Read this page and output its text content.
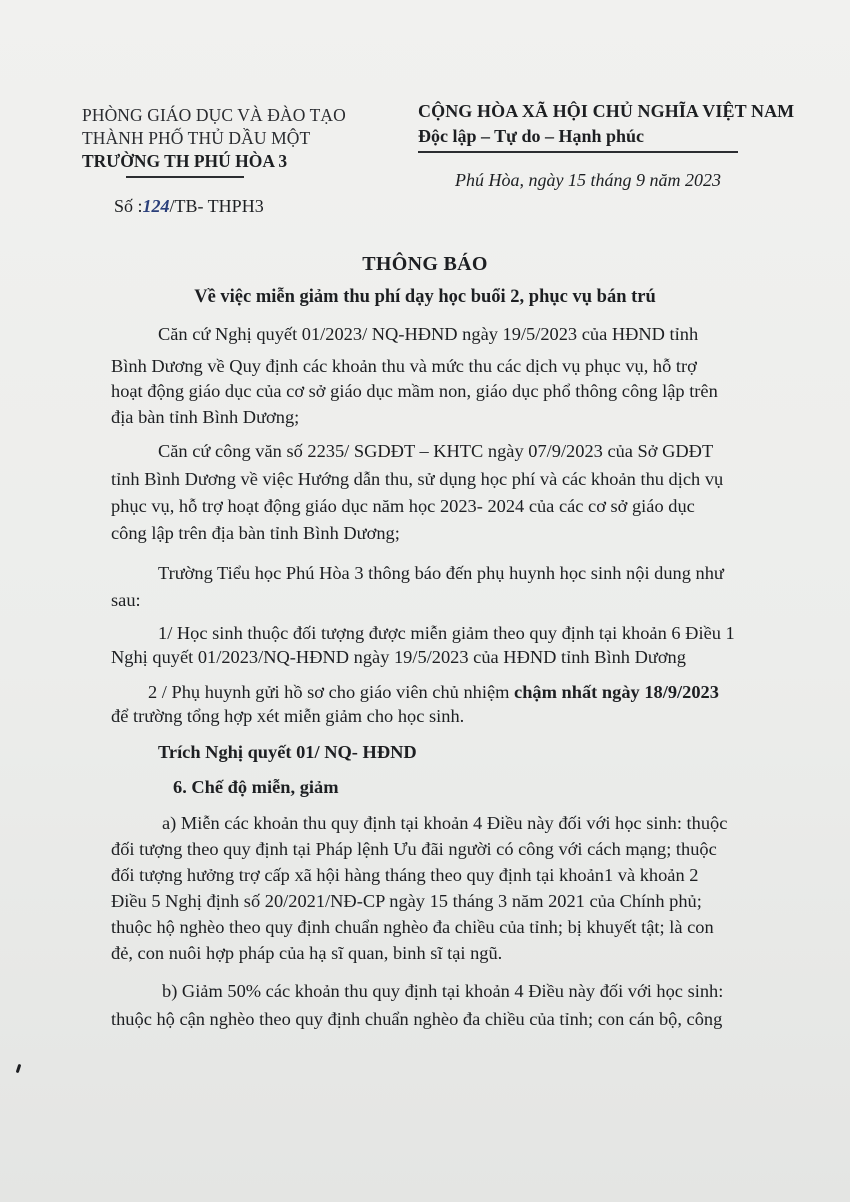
PHÒNG GIÁO DỤC VÀ ĐÀO TẠO
THÀNH PHỐ THỦ DẦU MỘT
TRƯỜNG TH PHÚ HÒA 3
CỘNG HÒA XÃ HỘI CHỦ NGHĨA VIỆT NAM
Độc lập – Tự do – Hạnh phúc
Phú Hòa, ngày 15 tháng 9 năm 2023
Số :124/TB- THPH3
THÔNG BÁO
Về việc miễn giảm thu phí dạy học buổi 2, phục vụ bán trú
Căn cứ Nghị quyết 01/2023/ NQ-HĐND ngày 19/5/2023 của HĐND tỉnh
Bình Dương về Quy định các khoản thu và mức thu các dịch vụ phục vụ, hỗ trợ
hoạt động giáo dục của cơ sở giáo dục mầm non, giáo dục phổ thông công lập trên
địa bàn tỉnh Bình Dương;
Căn cứ công văn số 2235/ SGDĐT – KHTC ngày 07/9/2023 của Sở GDĐT
tỉnh Bình Dương về việc Hướng dẫn thu, sử dụng học phí và các khoản thu dịch vụ
phục vụ, hỗ trợ hoạt động giáo dục năm học 2023- 2024 của các cơ sở giáo dục
công lập trên địa bàn tỉnh Bình Dương;
Trường Tiểu học Phú Hòa 3 thông báo đến phụ huynh học sinh nội dung như
sau:
1/ Học sinh thuộc đối tượng được miễn giảm theo quy định tại khoản 6 Điều 1
Nghị quyết 01/2023/NQ-HĐND ngày 19/5/2023 của HĐND tỉnh Bình Dương
2 / Phụ huynh gửi hồ sơ cho giáo viên chủ nhiệm chậm nhất ngày 18/9/2023
để trường tổng hợp xét miễn giảm cho học sinh.
Trích Nghị quyết 01/ NQ- HĐND
6. Chế độ miễn, giảm
a) Miễn các khoản thu quy định tại khoản 4 Điều này đối với học sinh: thuộc
đối tượng theo quy định tại Pháp lệnh Ưu đãi người có công với cách mạng; thuộc
đối tượng hưởng trợ cấp xã hội hàng tháng theo quy định tại khoản1 và khoản 2
Điều 5 Nghị định số 20/2021/NĐ-CP ngày 15 tháng 3 năm 2021 của Chính phủ;
thuộc hộ nghèo theo quy định chuẩn nghèo đa chiều của tỉnh; bị khuyết tật; là con
đẻ, con nuôi hợp pháp của hạ sĩ quan, binh sĩ tại ngũ.
b) Giảm 50% các khoản thu quy định tại khoản 4 Điều này đối với học sinh:
thuộc hộ cận nghèo theo quy định chuẩn nghèo đa chiều của tỉnh; con cán bộ, công
